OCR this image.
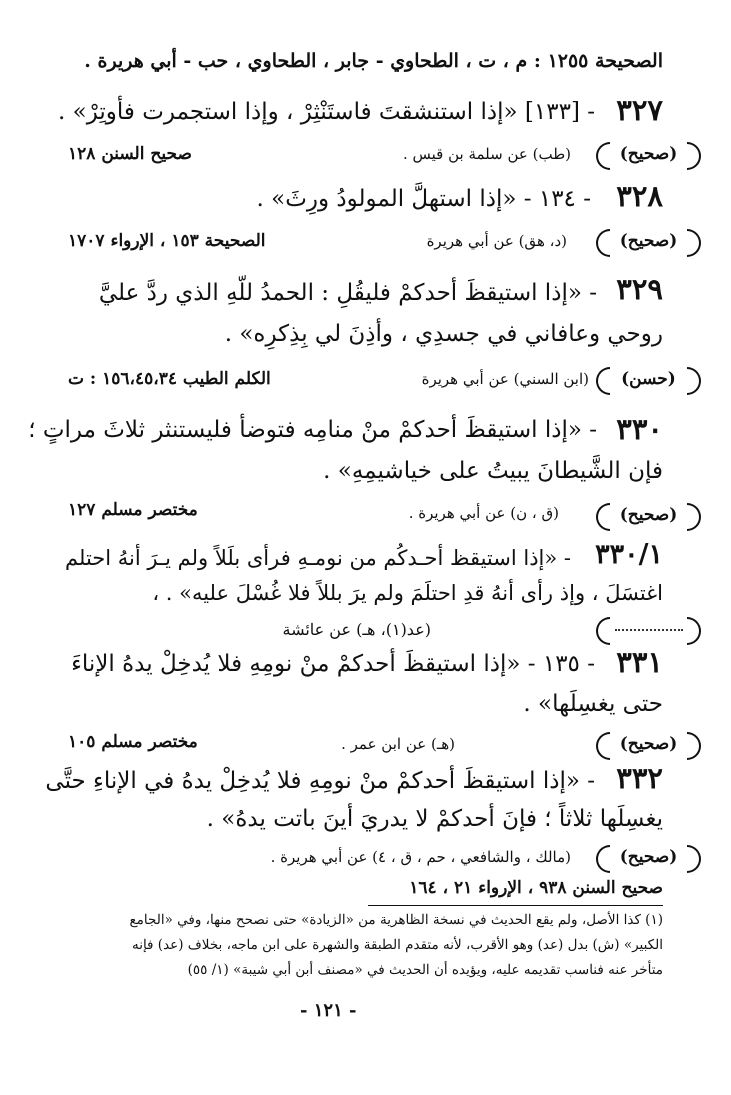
الصحيحة ١٢٥٥ : م ، ت ، الطحاوي - جابر ، الطحاوي ، حب - أبي هريرة .
٣٢٧
- [١٣٣] «إذا استنشقتَ فاستَنْثِرْ ، وإذا استجمرت فأوتِرْ» .
(صحيح)
(طب) عن سلمة بن قيس .
صحيح السنن ١٢٨
٣٢٨
- ١٣٤ - «إذا استهلَّ المولودُ ورِثَ» .
(صحيح)
(د، هق) عن أبي هريرة
الصحيحة ١٥٣ ، الإرواء ١٧٠٧
٣٢٩
- «إذا استيقظَ أحدكمْ فليقُلِ : الحمدُ للّهِ الذي ردَّ عليَّ
روحي وعافاني في جسدِي ، وأذِنَ لي بِذِكرِه» .
(حسن)
(ابن السني) عن أبي هريرة
الكلم الطيب ١٥٦،٤٥،٣٤ : ت
٣٣٠
- «إذا استيقظَ أحدكمْ منْ منامِه فتوضأ فليستنثر ثلاثَ مراتٍ ؛
فإن الشَّيطانَ يبيتُ على خياشيمِهِ» .
(صحيح)
(ق ، ن) عن أبي هريرة .
مختصر مسلم ١٢٧
٣٣٠/١
- «إذا استيقظ أحـدكُم من نومـهِ فرأى بلَلاً ولم يـرَ أنهُ احتلم
اغتسَلَ ، وإذ رأى أنهُ قدِ احتلَمَ ولم يرَ بللاً فلا غُسْلَ عليه» . ،
(عد(١)، هـ) عن عائشة
٣٣١
- ١٣٥ - «إذا استيقظَ أحدكمْ منْ نومِهِ فلا يُدخِلْ يدهُ الإناءَ
حتى يغسِلَها» .
(صحيح)
(هـ) عن ابن عمر .
مختصر مسلم ١٠٥
٣٣٢
- «إذا استيقظَ أحدكمْ منْ نومِهِ فلا يُدخِلْ يدهُ في الإناءِ حتَّى
يغسِلَها ثلاثاً ؛ فإنَ أحدكمْ لا يدريَ أينَ باتت يدهُ» .
(صحيح)
(مالك ، والشافعي ، حم ، ق ، ٤) عن أبي هريرة .
صحيح السنن ٩٣٨ ، الإرواء ٢١ ، ١٦٤
(١) كذا الأصل، ولم يقع الحديث في نسخة الظاهرية من «الزيادة» حتى نصحح منها، وفي «الجامع
الكبير» (ش) بدل (عد) وهو الأقرب، لأنه متقدم الطبقة والشهرة على ابن ماجه، بخلاف (عد) فإنه
متأخر عنه فناسب تقديمه عليه، ويؤيده أن الحديث في «مصنف أبن أبي شيبة» (١/ ٥٥)
- ١٢١ -
